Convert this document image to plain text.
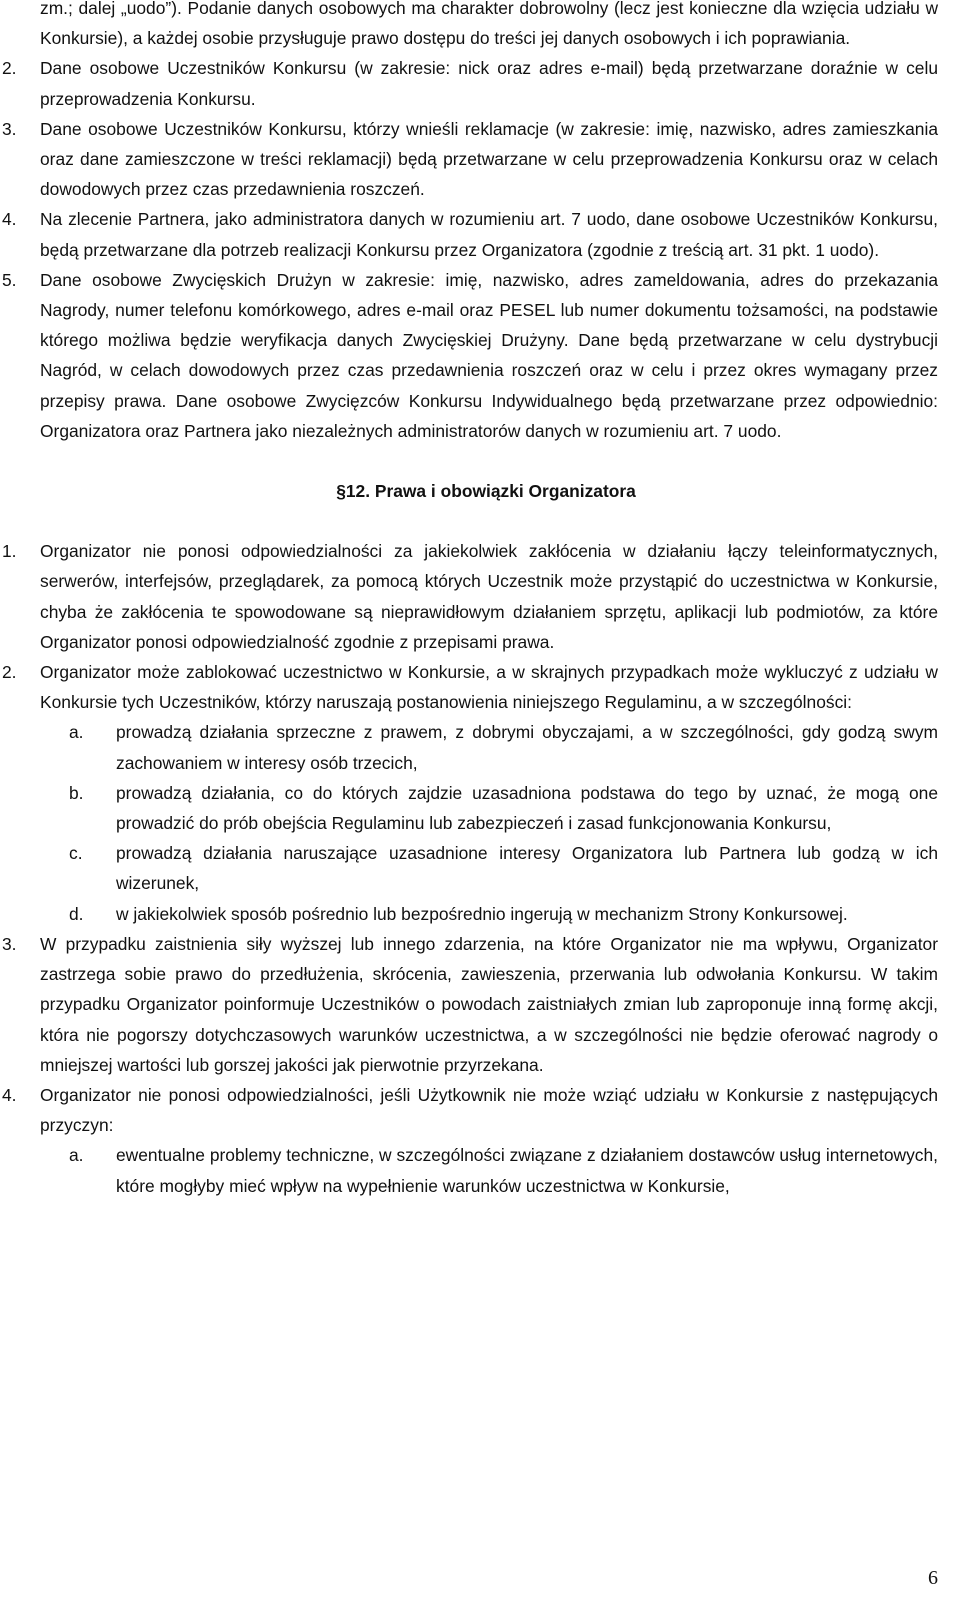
zm.; dalej „uodo”). Podanie danych osobowych ma charakter dobrowolny (lecz jest konieczne dla wzięcia udziału w Konkursie), a każdej osobie przysługuje prawo dostępu do treści jej danych osobowych i ich poprawiania.
2. Dane osobowe Uczestników Konkursu (w zakresie: nick oraz adres e-mail) będą przetwarzane doraźnie w celu przeprowadzenia Konkursu.
3. Dane osobowe Uczestników Konkursu, którzy wnieśli reklamacje (w zakresie: imię, nazwisko, adres zamieszkania oraz dane zamieszczone w treści reklamacji) będą przetwarzane w celu przeprowadzenia Konkursu oraz w celach dowodowych przez czas przedawnienia roszczeń.
4. Na zlecenie Partnera, jako administratora danych w rozumieniu art. 7 uodo, dane osobowe Uczestników Konkursu, będą przetwarzane dla potrzeb realizacji Konkursu przez Organizatora (zgodnie z treścią art. 31 pkt. 1 uodo).
5. Dane osobowe Zwycięskich Drużyn w zakresie: imię, nazwisko, adres zameldowania, adres do przekazania Nagrody, numer telefonu komórkowego, adres e-mail oraz PESEL lub numer dokumentu tożsamości, na podstawie którego możliwa będzie weryfikacja danych Zwycięskiej Drużyny. Dane będą przetwarzane w celu dystrybucji Nagród, w celach dowodowych przez czas przedawnienia roszczeń oraz w celu i przez okres wymagany przez przepisy prawa. Dane osobowe Zwycięzców Konkursu Indywidualnego będą przetwarzane przez odpowiednio: Organizatora oraz Partnera jako niezależnych administratorów danych w rozumieniu art. 7 uodo.
§12. Prawa i obowiązki Organizatora
1. Organizator nie ponosi odpowiedzialności za jakiekolwiek zakłócenia w działaniu łączy teleinformatycznych, serwerów, interfejsów, przeglądarek, za pomocą których Uczestnik może przystąpić do uczestnictwa w Konkursie, chyba że zakłócenia te spowodowane są nieprawidłowym działaniem sprzętu, aplikacji lub podmiotów, za które Organizator ponosi odpowiedzialność zgodnie z przepisami prawa.
2. Organizator może zablokować uczestnictwo w Konkursie, a w skrajnych przypadkach może wykluczyć z udziału w Konkursie tych Uczestników, którzy naruszają postanowienia niniejszego Regulaminu, a w szczególności:
a. prowadzą działania sprzeczne z prawem, z dobrymi obyczajami, a w szczególności, gdy godzą swym zachowaniem w interesy osób trzecich,
b. prowadzą działania, co do których zajdzie uzasadniona podstawa do tego by uznać, że mogą one prowadzić do prób obejścia Regulaminu lub zabezpieczeń i zasad funkcjonowania Konkursu,
c. prowadzą działania naruszające uzasadnione interesy Organizatora lub Partnera lub godzą w ich wizerunek,
d. w jakiekolwiek sposób pośrednio lub bezpośrednio ingerują w mechanizm Strony Konkursowej.
3. W przypadku zaistnienia siły wyższej lub innego zdarzenia, na które Organizator nie ma wpływu, Organizator zastrzega sobie prawo do przedłużenia, skrócenia, zawieszenia, przerwania lub odwołania Konkursu. W takim przypadku Organizator poinformuje Uczestników o powodach zaistniałych zmian lub zaproponuje inną formę akcji, która nie pogorszy dotychczasowych warunków uczestnictwa, a w szczególności nie będzie oferować nagrody o mniejszej wartości lub gorszej jakości jak pierwotnie przyrzekana.
4. Organizator nie ponosi odpowiedzialności, jeśli Użytkownik nie może wziąć udziału w Konkursie z następujących przyczyn:
a. ewentualne problemy techniczne, w szczególności związane z działaniem dostawców usług internetowych, które mogłyby mieć wpływ na wypełnienie warunków uczestnictwa w Konkursie,
6
